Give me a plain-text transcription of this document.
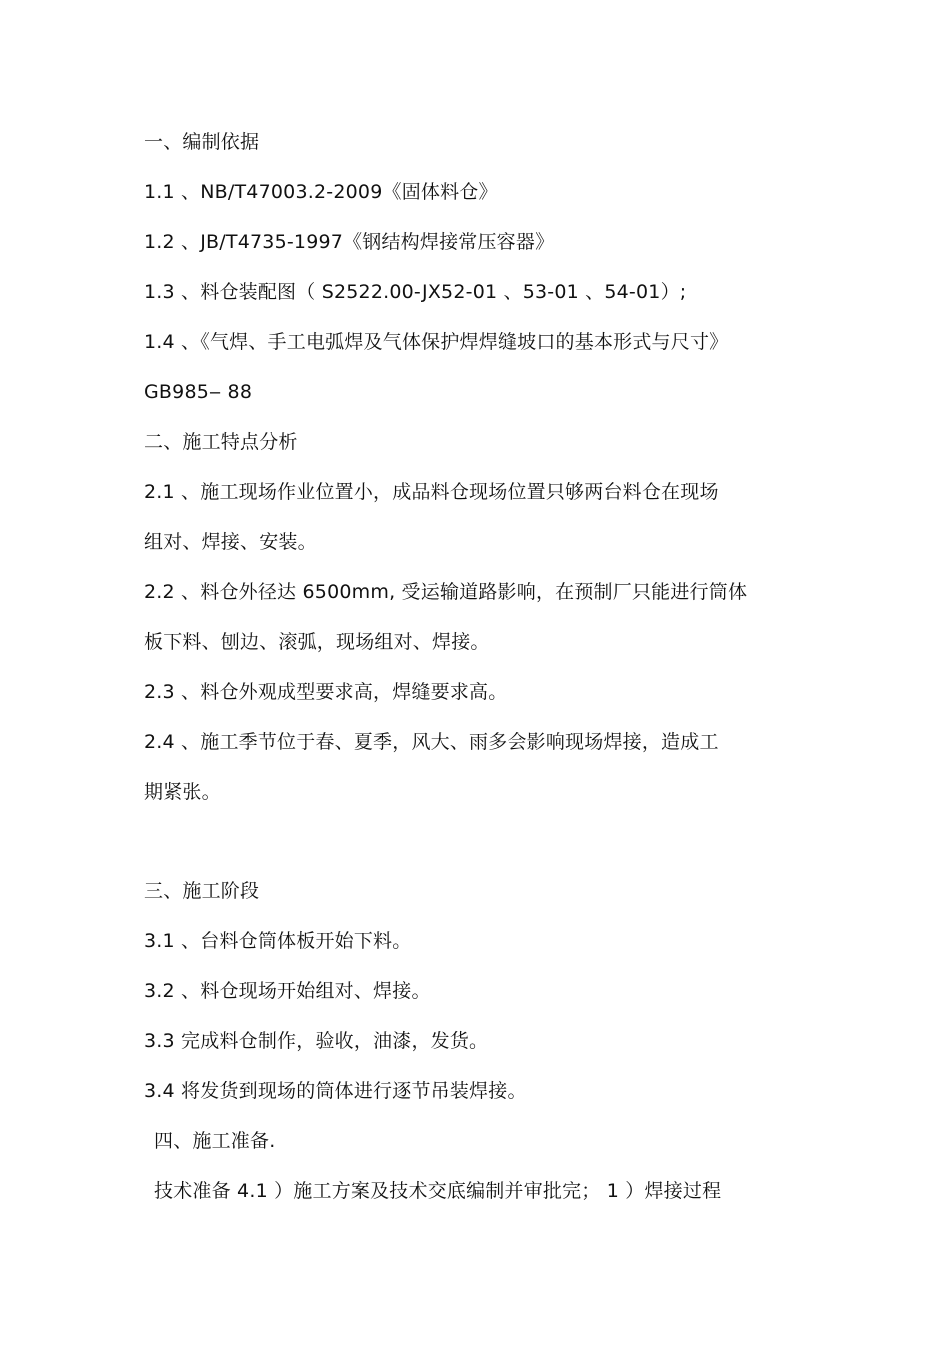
一、编制依据
1.1 、NB/T47003.2-2009《固体料仓》
1.2 、JB/T4735-1997《钢结构焊接常压容器》
1.3 、料仓装配图（ S2522.00-JX52-01 、53-01 、54-01）;
1.4 、《气焊、手工电弧焊及气体保护焊焊缝坡口的基本形式与尺寸》
GB985‒ 88
二、施工特点分析
2.1 、施工现场作业位置小，成品料仓现场位置只够两台料仓在现场
组对、焊接、安装。
2.2 、料仓外径达 6500mm, 受运输道路影响，在预制厂只能进行筒体
板下料、刨边、滚弧，现场组对、焊接。
2.3 、料仓外观成型要求高，焊缝要求高。
2.4 、施工季节位于春、夏季，风大、雨多会影响现场焊接，造成工
期紧张。
三、施工阶段
3.1 、台料仓筒体板开始下料。
3.2 、料仓现场开始组对、焊接。
3.3 完成料仓制作，验收，油漆，发货。
3.4 将发货到现场的筒体进行逐节吊装焊接。
四、施工准备.
技术准备 4.1 ）施工方案及技术交底编制并审批完； 1 ）焊接过程
